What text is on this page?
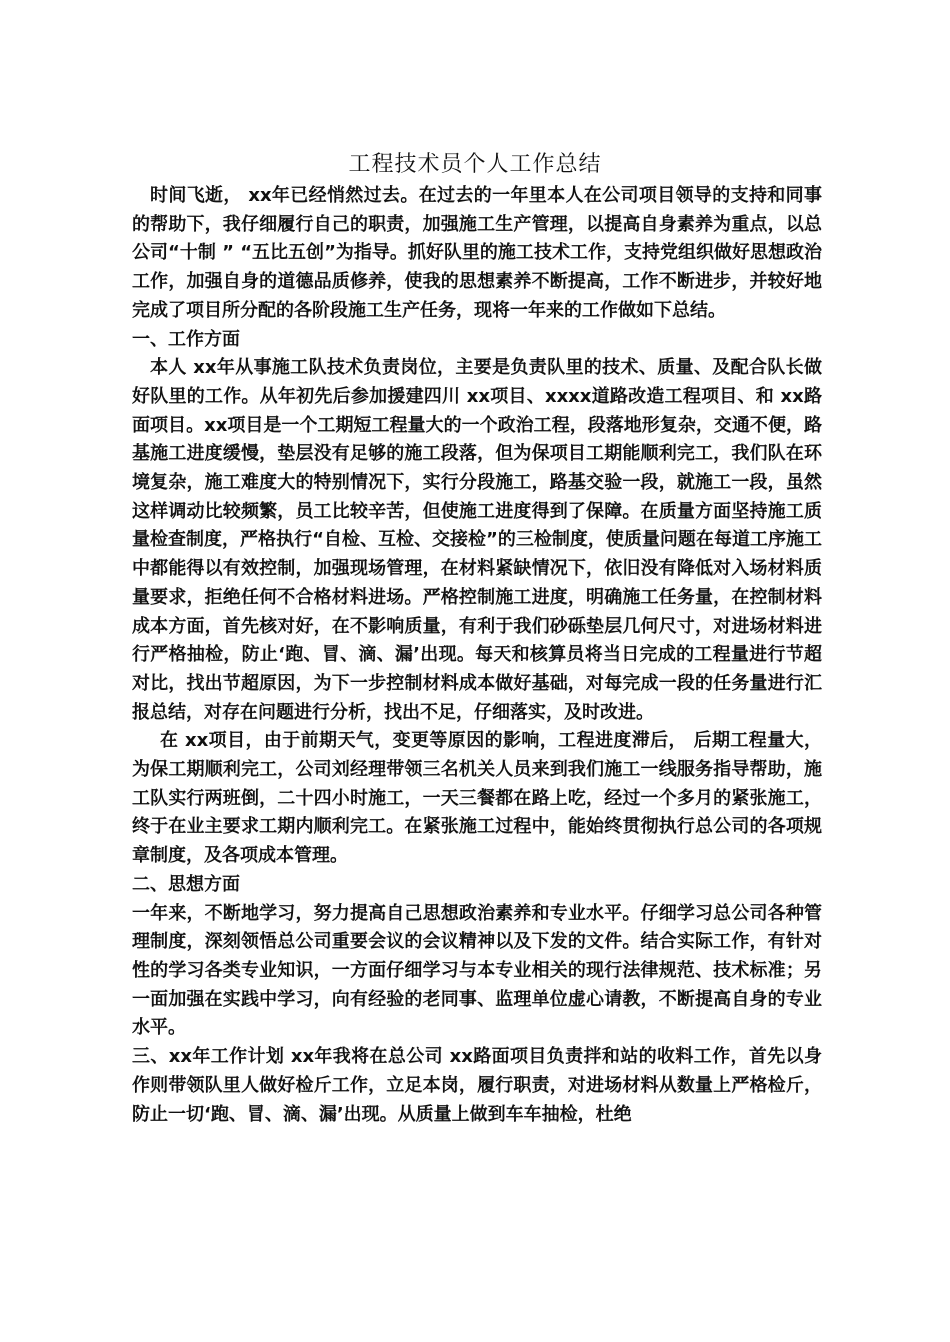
工程技术员个人工作总结

时间飞逝， xx年已经悄然过去。在过去的一年里本人在公司项目领导的支持和同事的帮助下，我仔细履行自己的职责，加强施工生产管理，以提高自身素养为重点，以总公司“十制 ” “五比五创”为指导。抓好队里的施工技术工作，支持党组织做好思想政治工作，加强自身的道德品质修养，使我的思想素养不断提高，工作不断进步，并较好地完成了项目所分配的各阶段施工生产任务，现将一年来的工作做如下总结。

一、工作方面

本人 xx年从事施工队技术负责岗位，主要是负责队里的技术、质量、及配合队长做好队里的工作。从年初先后参加援建四川 xx项目、xxxx道路改造工程项目、和 xx路面项目。xx项目是一个工期短工程量大的一个政治工程，段落地形复杂，交通不便，路基施工进度缓慢，垫层没有足够的施工段落，但为保项目工期能顺利完工，我们队在环境复杂，施工难度大的特别情况下，实行分段施工，路基交验一段，就施工一段，虽然这样调动比较频繁，员工比较辛苦，但使施工进度得到了保障。在质量方面坚持施工质量检查制度，严格执行“自检、互检、交接检”的三检制度，使质量问题在每道工序施工中都能得以有效控制，加强现场管理，在材料紧缺情况下，依旧没有降低对入场材料质量要求，拒绝任何不合格材料进场。严格控制施工进度，明确施工任务量，在控制材料成本方面，首先核对好，在不影响质量，有利于我们砂砾垫层几何尺寸，对进场材料进行严格抽检，防止‘跑、冒、滴、漏’出现。每天和核算员将当日完成的工程量进行节超对比，找出节超原因，为下一步控制材料成本做好基础，对每完成一段的任务量进行汇报总结，对存在问题进行分析，找出不足，仔细落实，及时改进。

在 xx项目，由于前期天气，变更等原因的影响，工程进度滞后， 后期工程量大，为保工期顺利完工，公司刘经理带领三名机关人员来到我们施工一线服务指导帮助，施工队实行两班倒，二十四小时施工，一天三餐都在路上吃，经过一个多月的紧张施工，终于在业主要求工期内顺利完工。在紧张施工过程中，能始终贯彻执行总公司的各项规章制度，及各项成本管理。

二、思想方面

一年来，不断地学习，努力提高自己思想政治素养和专业水平。仔细学习总公司各种管理制度，深刻领悟总公司重要会议的会议精神以及下发的文件。结合实际工作，有针对性的学习各类专业知识，一方面仔细学习与本专业相关的现行法律规范、技术标准；另一面加强在实践中学习，向有经验的老同事、监理单位虚心请教，不断提高自身的专业水平。

三、xx年工作计划 xx年我将在总公司 xx路面项目负责拌和站的收料工作，首先以身作则带领队里人做好检斤工作，立足本岗，履行职责，对进场材料从数量上严格检斤，防止一切‘跑、冒、滴、漏’出现。从质量上做到车车抽检，杜绝
